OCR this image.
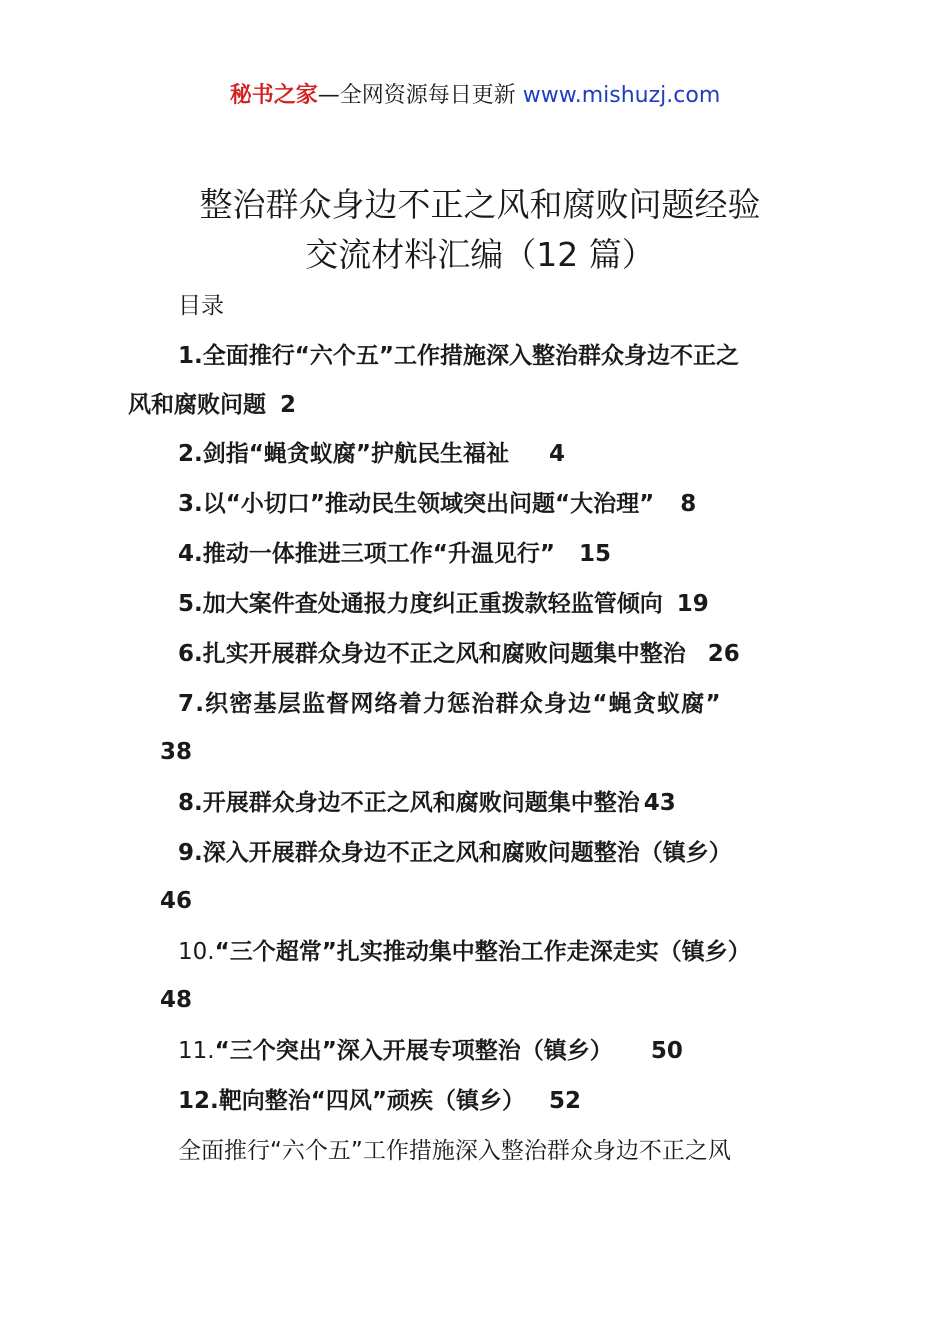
秘书之家—全网资源每日更新 www.mishuzj.com
整治群众身边不正之风和腐败问题经验
交流材料汇编（12 篇）
目录
1.全面推行“六个五”工作措施深入整治群众身边不正之
风和腐败问题 2
2.剑指“蝇贪蚁腐”护航民生福祉 4
3.以“小切口”推动民生领域突出问题“大治理” 8
4.推动一体推进三项工作“升温见行” 15
5.加大案件查处通报力度纠正重拨款轻监管倾向 19
6.扎实开展群众身边不正之风和腐败问题集中整治 26
7.织密基层监督网络着力惩治群众身边“蝇贪蚁腐”
38
8.开展群众身边不正之风和腐败问题集中整治 43
9.深入开展群众身边不正之风和腐败问题整治（镇乡）
46
10.“三个超常”扎实推动集中整治工作走深走实（镇乡）
48
11.“三个突出”深入开展专项整治（镇乡） 50
12.靶向整治“四风”顽疾（镇乡） 52
全面推行“六个五”工作措施深入整治群众身边不正之风
